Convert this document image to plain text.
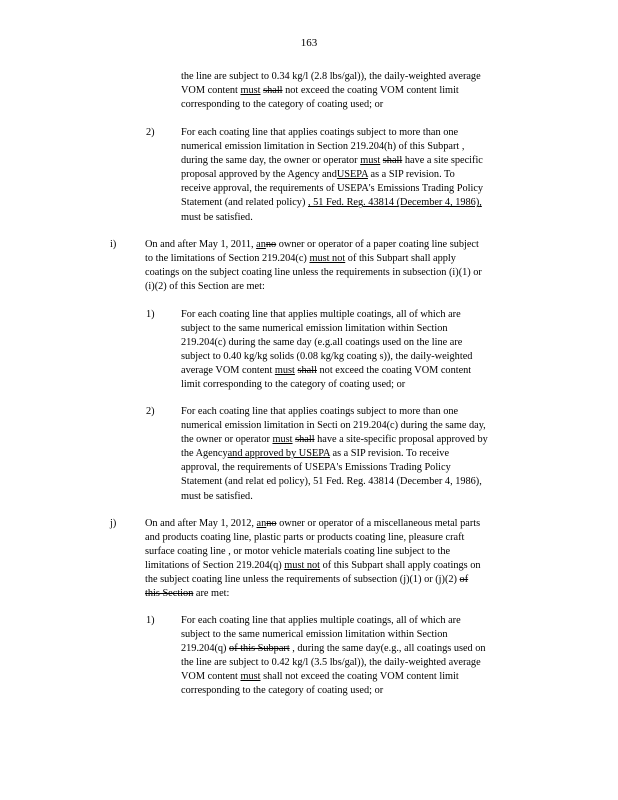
163
the line are subject to 0.34 kg/l (2.8 lbs/gal)), the daily-weighted average
VOM content must shall not exceed the coating VOM content limit
corresponding to the category of coating used; or
2)	For each coating line that applies coatings subject to more than one
numerical emission limitation in Section 219.204(h) of this Subpart ,
during the same day, the owner or operator must shall have a site specific
proposal approved by the Agency andUSEPA as a SIP revision. To
receive approval, the requirements of USEPA's Emissions Trading Policy
Statement (and related policy) , 51 Fed. Reg. 43814 (December 4, 1986),
must be satisfied.
i)	On and after May 1, 2011, anno owner or operator of a paper coating line subject
to the limitations of Section 219.204(c) must not of this Subpart shall apply
coatings on the subject coating line unless the requirements in subsection (i)(1) or
(i)(2) of this Section are met:
1)	For each coating line that applies multiple coatings, all of which are
subject to the same numerical emission limitation within Section
219.204(c) during the same day (e.g.all coatings used on the line are
subject to 0.40 kg/kg solids (0.08 kg/kg coating s)), the daily-weighted
average VOM content must shall not exceed the coating VOM content
limit corresponding to the category of coating used; or
2)	For each coating line that applies coatings subject to more than one
numerical emission limitation in Secti on 219.204(c) during the same day,
the owner or operator must shall have a site-specific proposal approved by
the Agencyand approved by USEPA as a SIP revision. To receive
approval, the requirements of USEPA's Emissions Trading Policy
Statement (and relat ed policy), 51 Fed. Reg. 43814 (December 4, 1986),
must be satisfied.
j)	On and after May 1, 2012, anno owner or operator of a miscellaneous metal parts
and products coating line, plastic parts or products coating line, pleasure craft
surface coating line , or motor vehicle materials coating line subject to the
limitations of Section 219.204(q) must not of this Subpart shall apply coatings on
the subject coating line unless the requirements of subsection (j)(1) or (j)(2) of
this Section are met:
1)	For each coating line that applies multiple coatings, all of which are
subject to the same numerical emission limitation within Section
219.204(q) of this Subpart , during the same day(e.g., all coatings used on
the line are subject to 0.42 kg/l (3.5 lbs/gal)), the daily-weighted average
VOM content must shall not exceed the coating VOM content limit
corresponding to the category of coating used; or
